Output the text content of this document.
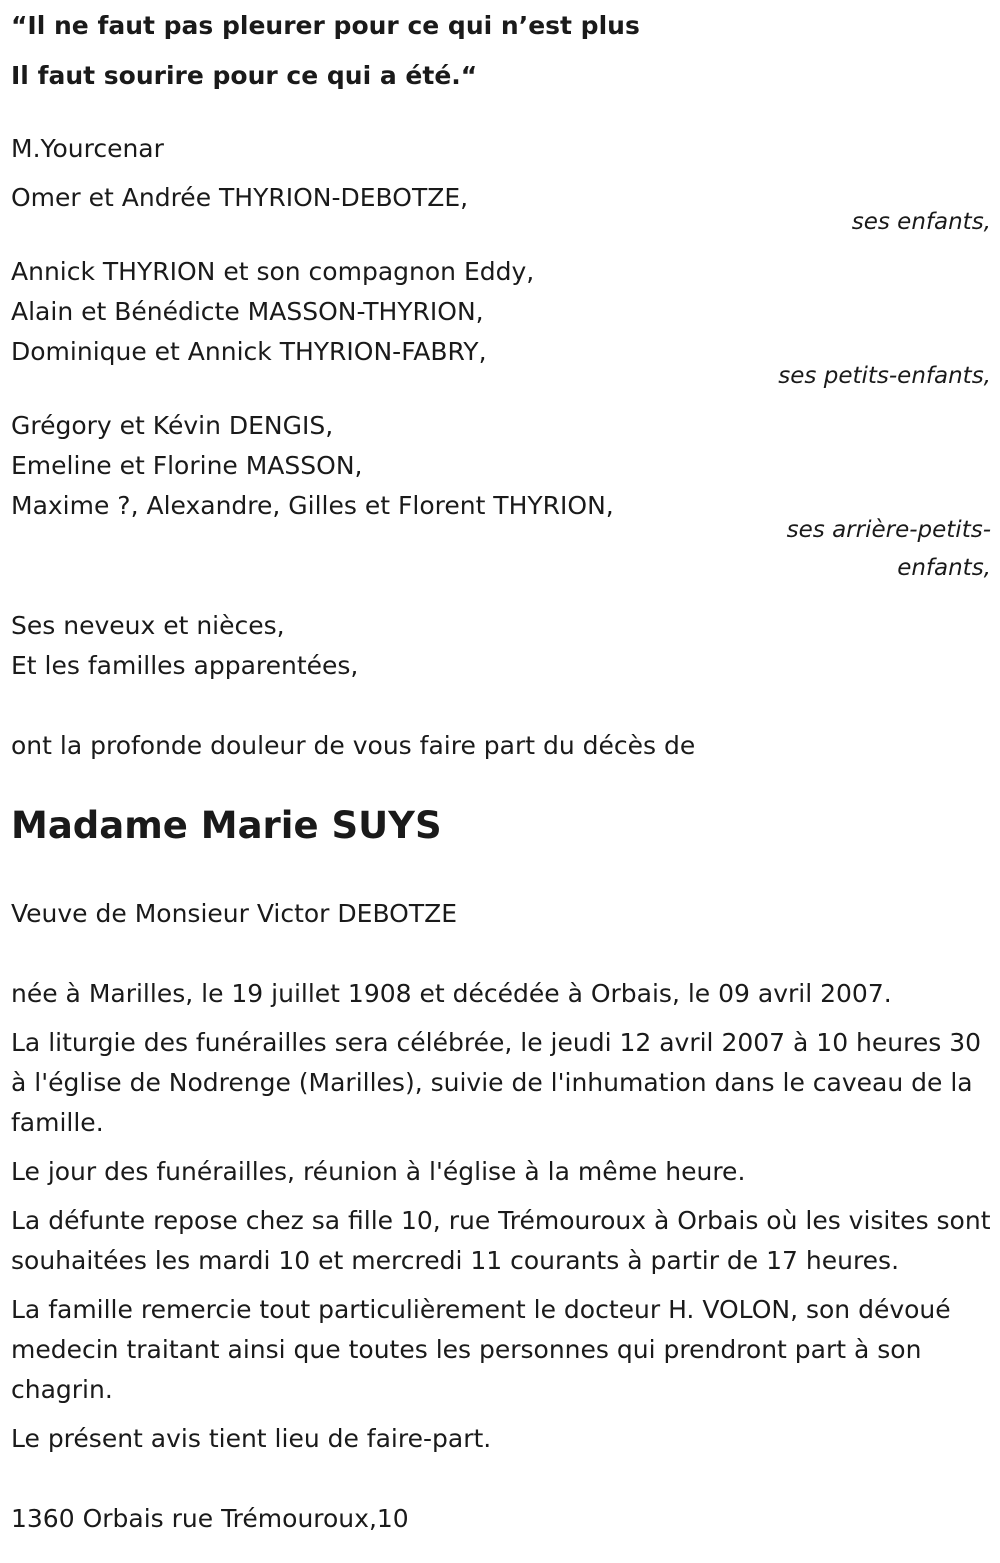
“Il ne faut pas pleurer pour ce qui n’est plus

Il faut sourire pour ce qui a été.“

M.Yourcenar

Omer et Andrée THYRION-DEBOTZE,

ses enfants,

Annick THYRION et son compagnon Eddy,

Alain et Bénédicte MASSON-THYRION,

Dominique et Annick THYRION-FABRY,

ses petits-enfants,

Grégory et Kévin DENGIS,

Emeline et Florine MASSON,

Maxime ?, Alexandre, Gilles et Florent THYRION,

ses arrière-petits-

enfants,

Ses neveux et nièces,

Et les familles apparentées,

ont la profonde douleur de vous faire part du décès de

Madame Marie SUYS

Veuve de Monsieur Victor DEBOTZE

née à Marilles, le 19 juillet 1908 et décédée à Orbais, le 09 avril 2007.

La liturgie des funérailles sera célébrée, le jeudi 12 avril 2007 à 10 heures 30 à l'église de Nodrenge (Marilles), suivie de l'inhumation dans le caveau de la famille.

Le jour des funérailles, réunion à l'église à la même heure.

La défunte repose chez sa fille 10, rue Trémouroux à Orbais où les visites sont souhaitées les mardi 10 et mercredi 11 courants à partir de 17 heures.

La famille remercie tout particulièrement le docteur H. VOLON, son dévoué medecin traitant ainsi que toutes les personnes qui prendront part à son chagrin.

Le présent avis tient lieu de faire-part.

1360 Orbais rue Trémouroux,10
